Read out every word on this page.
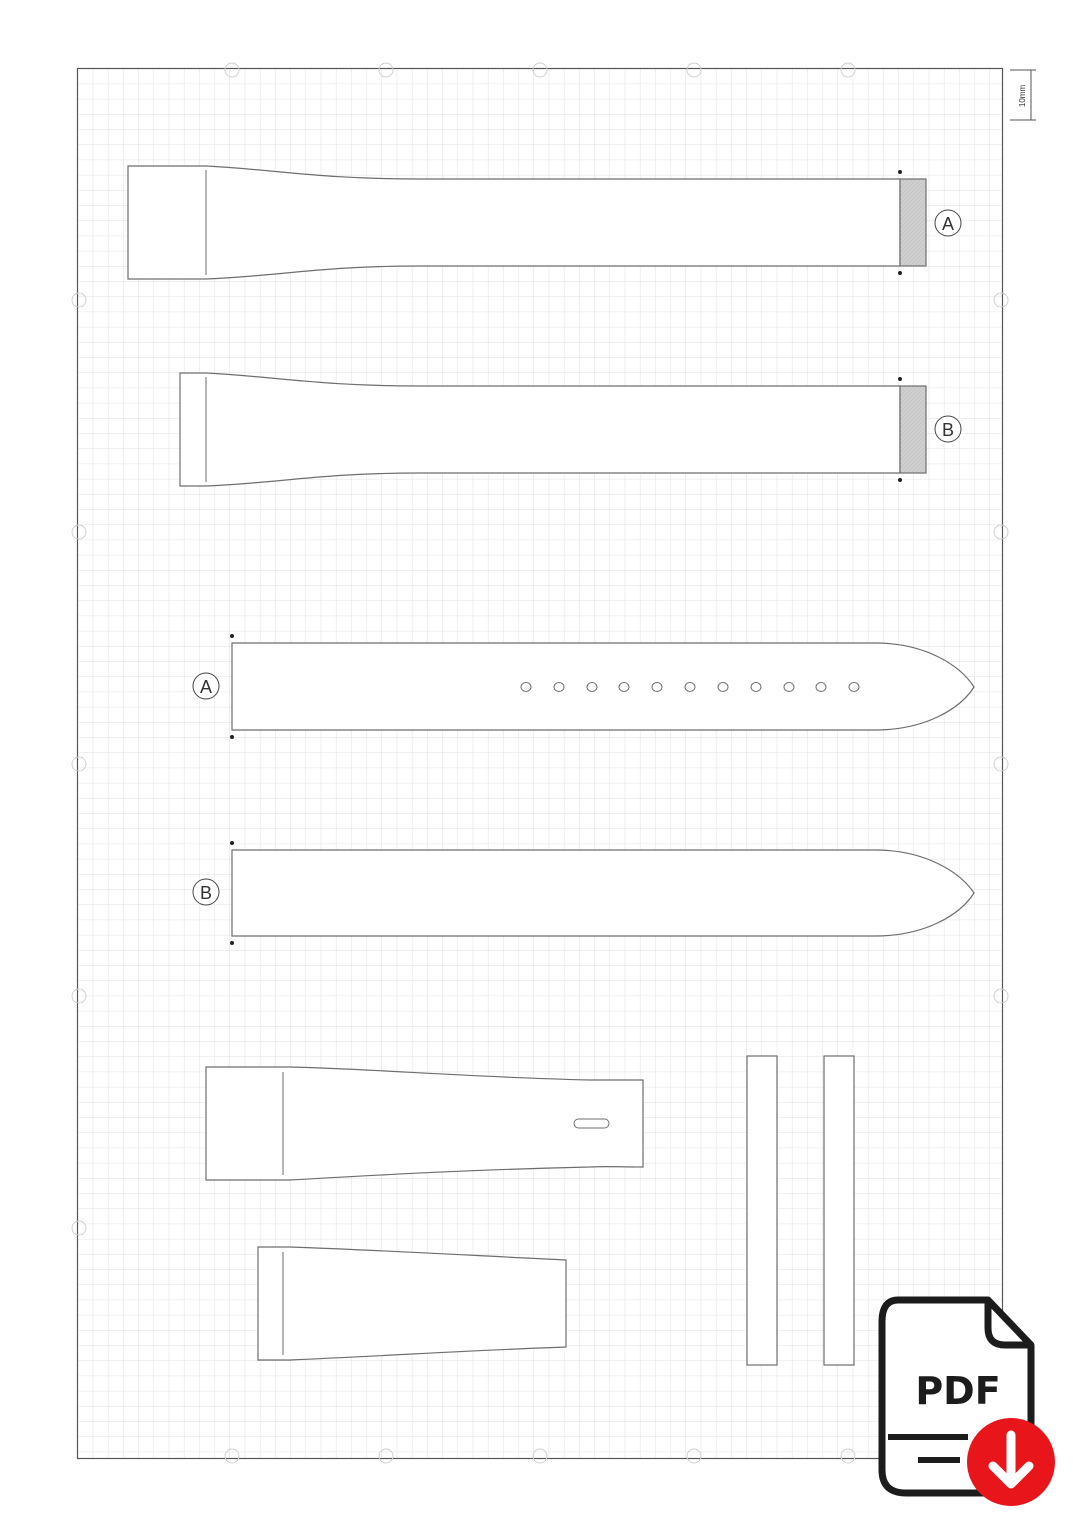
10mm
A
B
A
B
PDF
